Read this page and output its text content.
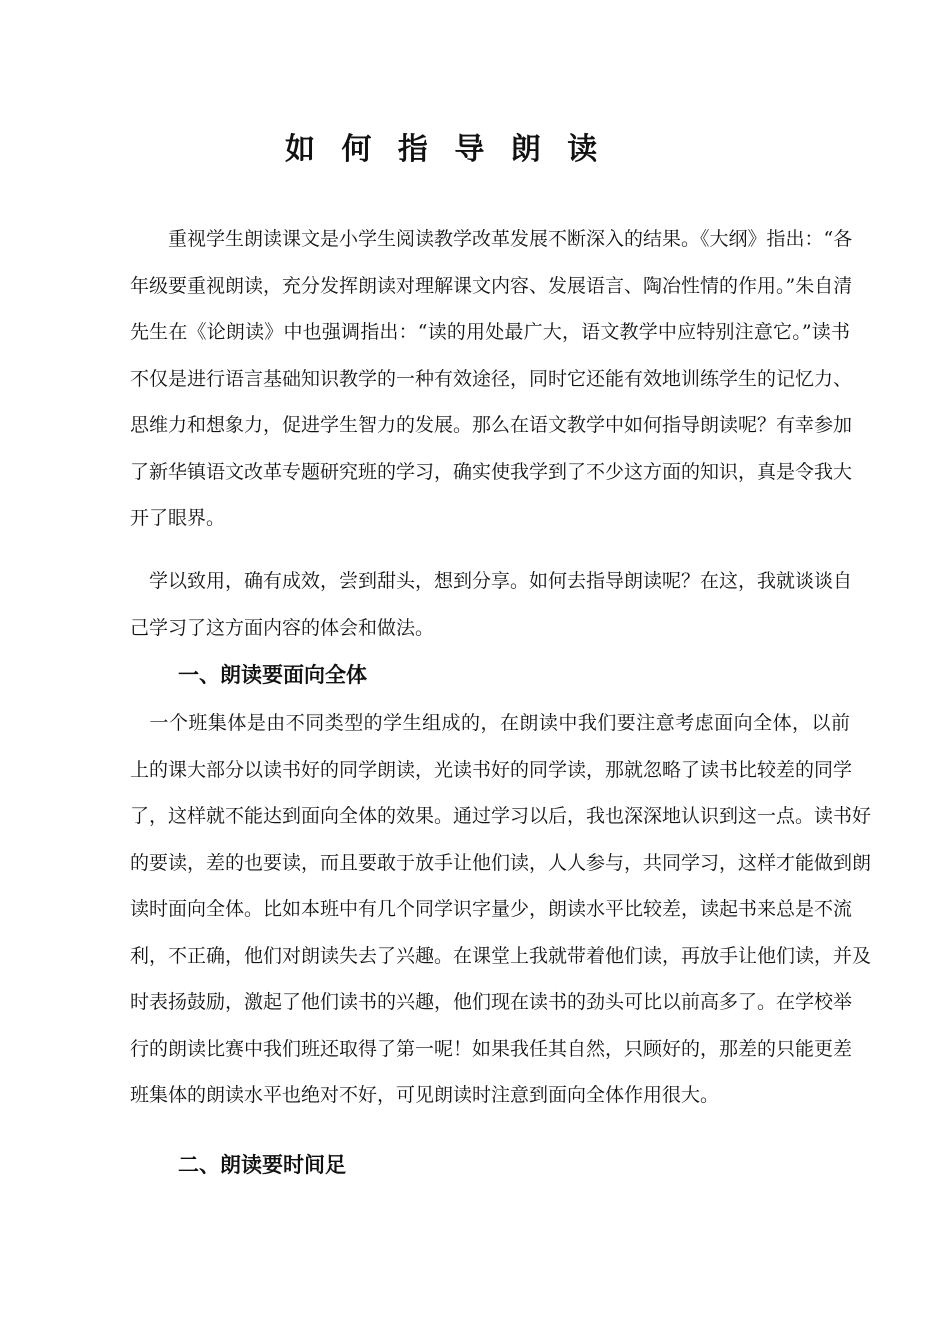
如 何 指 导 朗 读
　　重视学生朗读课文是小学生阅读教学改革发展不断深入的结果。《大纲》指出：“各
年级要重视朗读，充分发挥朗读对理解课文内容、发展语言、陶冶性情的作用。”朱自清
先生在《论朗读》中也强调指出：“读的用处最广大，语文教学中应特别注意它。”读书
不仅是进行语言基础知识教学的一种有效途径，同时它还能有效地训练学生的记忆力、
思维力和想象力，促进学生智力的发展。那么在语文教学中如何指导朗读呢？有幸参加
了新华镇语文改革专题研究班的学习，确实使我学到了不少这方面的知识，真是令我大
开了眼界。
　学以致用，确有成效，尝到甜头，想到分享。如何去指导朗读呢？在这，我就谈谈自
己学习了这方面内容的体会和做法。
一、朗读要面向全体
　一个班集体是由不同类型的学生组成的，在朗读中我们要注意考虑面向全体，以前
上的课大部分以读书好的同学朗读，光读书好的同学读，那就忽略了读书比较差的同学
了，这样就不能达到面向全体的效果。通过学习以后，我也深深地认识到这一点。读书好
的要读，差的也要读，而且要敢于放手让他们读，人人参与，共同学习，这样才能做到朗
读时面向全体。比如本班中有几个同学识字量少，朗读水平比较差，读起书来总是不流
利，不正确，他们对朗读失去了兴趣。在课堂上我就带着他们读，再放手让他们读，并及
时表扬鼓励，激起了他们读书的兴趣，他们现在读书的劲头可比以前高多了。在学校举
行的朗读比赛中我们班还取得了第一呢！如果我任其自然，只顾好的，那差的只能更差
班集体的朗读水平也绝对不好，可见朗读时注意到面向全体作用很大。
二、朗读要时间足
